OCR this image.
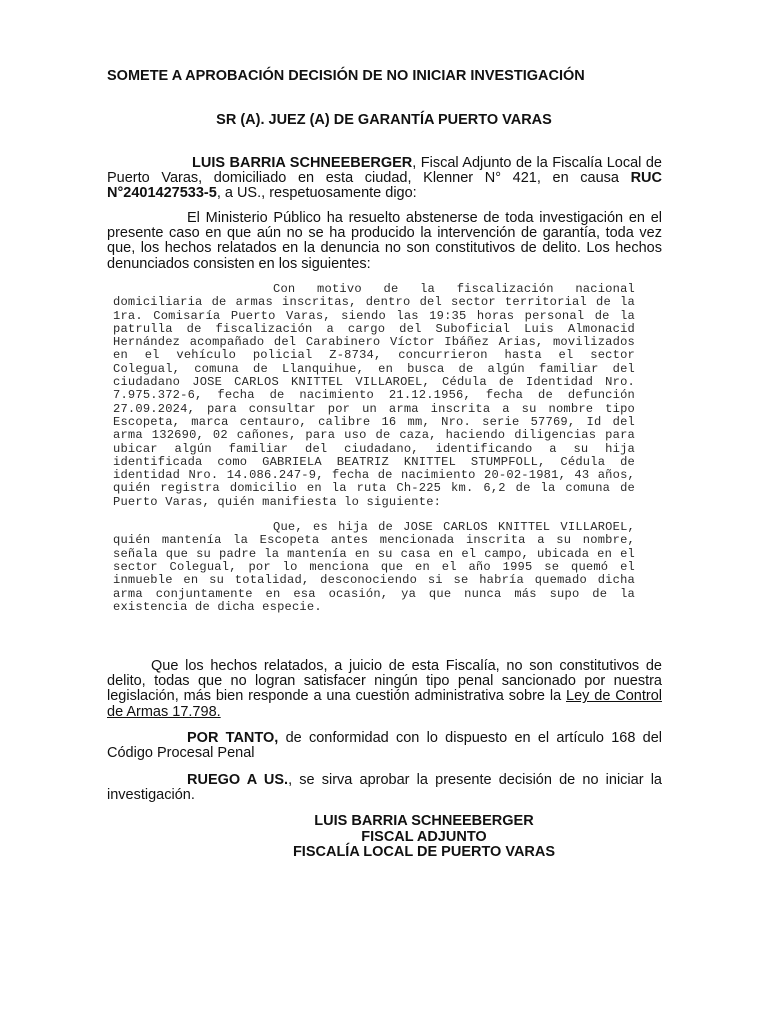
SOMETE A APROBACIÓN DECISIÓN DE NO INICIAR INVESTIGACIÓN
SR (A). JUEZ (A) DE GARANTÍA PUERTO VARAS
LUIS BARRIA SCHNEEBERGER, Fiscal Adjunto de la Fiscalía Local de Puerto Varas, domiciliado en esta ciudad, Klenner N° 421, en causa RUC N°2401427533-5, a US., respetuosamente digo:
El Ministerio Público ha resuelto abstenerse de toda investigación en el presente caso en que aún no se ha producido la intervención de garantía, toda vez que, los hechos relatados en la denuncia no son constitutivos de delito. Los hechos denunciados consisten en los siguientes:

Con motivo de la fiscalización nacional domiciliaria de armas inscritas, dentro del sector territorial de la 1ra. Comisaría Puerto Varas, siendo las 19:35 horas personal de la patrulla de fiscalización a cargo del Suboficial Luis Almonacid Hernández acompañado del Carabinero Víctor Ibáñez Arias, movilizados en el vehículo policial Z-8734, concurrieron hasta el sector Colegual, comuna de Llanquihue, en busca de algún familiar del ciudadano JOSE CARLOS KNITTEL VILLAROEL, Cédula de Identidad Nro. 7.975.372-6, fecha de nacimiento 21.12.1956, fecha de defunción 27.09.2024, para consultar por un arma inscrita a su nombre tipo Escopeta, marca centauro, calibre 16 mm, Nro. serie 57769, Id del arma 132690, 02 cañones, para uso de caza, haciendo diligencias para ubicar algún familiar del ciudadano, identificando a su hija identificada como GABRIELA BEATRIZ KNITTEL STUMPFOLL, Cédula de identidad Nro. 14.086.247-9, fecha de nacimiento 20-02-1981, 43 años, quién registra domicilio en la ruta Ch-225 km. 6,2 de la comuna de Puerto Varas, quién manifiesta lo siguiente:

Que, es hija de JOSE CARLOS KNITTEL VILLAROEL, quién mantenía la Escopeta antes mencionada inscrita a su nombre, señala que su padre la mantenía en su casa en el campo, ubicada en el sector Colegual, por lo menciona que en el año 1995 se quemó el inmueble en su totalidad, desconociendo si se habría quemado dicha arma conjuntamente en esa ocasión, ya que nunca más supo de la existencia de dicha especie.

Que los hechos relatados, a juicio de esta Fiscalía, no son constitutivos de delito, todas que no logran satisfacer ningún tipo penal sancionado por nuestra legislación, más bien responde a una cuestión administrativa sobre la Ley de Control de Armas 17.798.
POR TANTO, de conformidad con lo dispuesto en el artículo 168 del Código Procesal Penal
RUEGO A US., se sirva aprobar la presente decisión de no iniciar la investigación.
LUIS BARRIA SCHNEEBERGER
FISCAL ADJUNTO
FISCALÍA LOCAL DE PUERTO VARAS
